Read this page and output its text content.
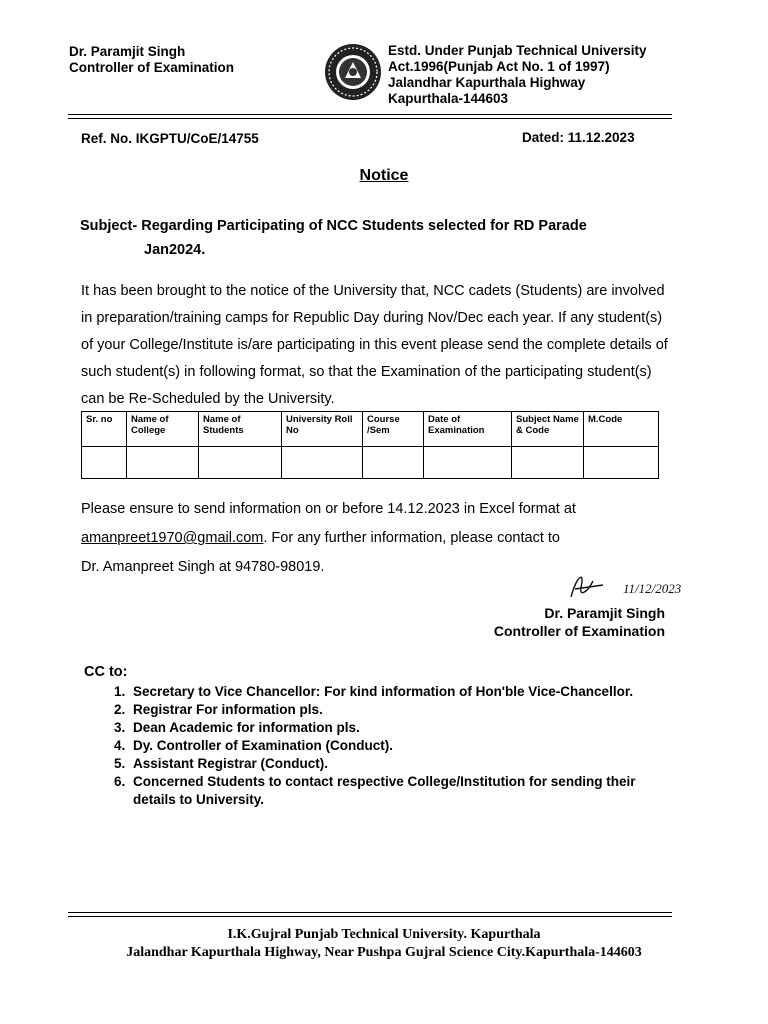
Dr. Paramjit Singh
Controller of Examination
Estd. Under Punjab Technical University
Act.1996(Punjab Act No. 1 of 1997)
Jalandhar Kapurthala Highway
Kapurthala-144603
Ref. No. IKGPTU/CoE/14755	Dated: 11.12.2023
Notice
Subject- Regarding Participating of NCC Students selected for RD Parade
Jan2024.
It has been brought to the notice of the University that, NCC cadets (Students) are involved in preparation/training camps for Republic Day during Nov/Dec each year. If any student(s) of your College/Institute is/are participating in this event please send the complete details of such student(s) in following format, so that the Examination of the participating student(s) can be Re-Scheduled by the University.
Sr. no	Name of College	Name of Students	University Roll No	Course /Sem	Date of Examination	Subject Name & Code	M.Code

Please ensure to send information on or before 14.12.2023 in Excel format at
amanpreet1970@gmail.com. For any further information, please contact to
Dr. Amanpreet Singh at 94780-98019.
11/12/2023
Dr. Paramjit Singh
Controller of Examination
CC to:
1. Secretary to Vice Chancellor: For kind information of Hon'ble Vice-Chancellor.
2. Registrar For information pls.
3. Dean Academic for information pls.
4. Dy. Controller of Examination (Conduct).
5. Assistant Registrar (Conduct).
6. Concerned Students to contact respective College/Institution for sending their details to University.
I.K.Gujral Punjab Technical University. Kapurthala
Jalandhar Kapurthala Highway, Near Pushpa Gujral Science City.Kapurthala-144603
